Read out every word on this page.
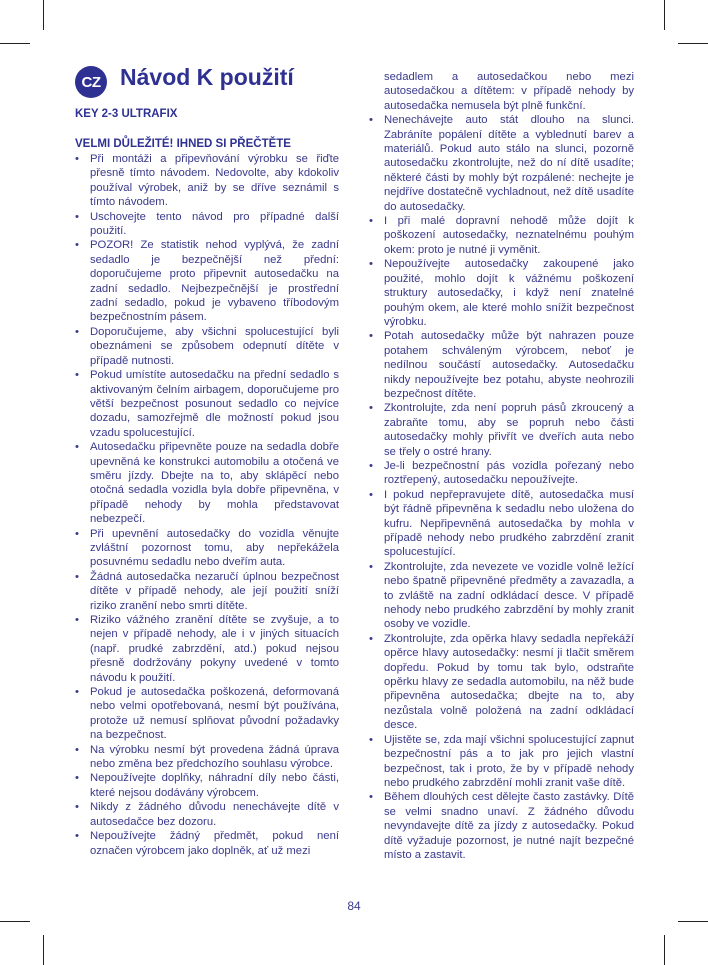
CZ Návod K použití
KEY 2-3 ULTRAFIX
VELMI DŮLEŽITÉ! IHNED SI PŘEČTĚTE
• Při montáži a připevňování výrobku se řiďte přesně tímto návodem. Nedovolte, aby kdokoliv používal výrobek, aniž by se dříve seznámil s tímto návodem.
• Uschovejte tento návod pro případné další použití.
• POZOR! Ze statistik nehod vyplývá, že zadní sedadlo je bezpečnější než přední: doporučujeme proto připevnit autosedačku na zadní sedadlo. Nejbezpečnější je prostřední zadní sedadlo, pokud je vybaveno tříbodovým bezpečnostním pásem.
• Doporučujeme, aby všichni spolucestující byli obeznámeni se způsobem odepnutí dítěte v případě nutnosti.
• Pokud umístíte autosedačku na přední sedadlo s aktivovaným čelním airbagem, doporučujeme pro větší bezpečnost posunout sedadlo co nejvíce dozadu, samozřejmě dle možností pokud jsou vzadu spolucestující.
• Autosedačku připevněte pouze na sedadla dobře upevněná ke konstrukci automobilu a otočená ve směru jízdy. Dbejte na to, aby sklápěcí nebo otočná sedadla vozidla byla dobře připevněna, v případě nehody by mohla představovat nebezpečí.
• Při upevnění autosedačky do vozidla věnujte zvláštní pozornost tomu, aby nepřekážela posuvnému sedadlu nebo dveřím auta.
• Žádná autosedačka nezaručí úplnou bezpečnost dítěte v případě nehody, ale její použití sníží riziko zranění nebo smrti dítěte.
• Riziko vážného zranění dítěte se zvyšuje, a to nejen v případě nehody, ale i v jiných situacích (např. prudké zabrzdění, atd.) pokud nejsou přesně dodržovány pokyny uvedené v tomto návodu k použití.
• Pokud je autosedačka poškozená, deformovaná nebo velmi opotřebovaná, nesmí být používána, protože už nemusí splňovat původní požadavky na bezpečnost.
• Na výrobku nesmí být provedena žádná úprava nebo změna bez předchozího souhlasu výrobce.
• Nepoužívejte doplňky, náhradní díly nebo části, které nejsou dodávány výrobcem.
• Nikdy z žádného důvodu nenechávejte dítě v autosedačce bez dozoru.
• Nepoužívejte žádný předmět, pokud není označen výrobcem jako doplněk, ať už mezi
sedadlem a autosedačkou nebo mezi autosedačkou a dítětem: v případě nehody by autosedačka nemusela být plně funkční.
• Nenechávejte auto stát dlouho na slunci. Zabráníte popálení dítěte a vyblednutí barev a materiálů. Pokud auto stálo na slunci, pozorně autosedačku zkontrolujte, než do ní dítě usadíte; některé části by mohly být rozpálené: nechejte je nejdříve dostatečně vychladnout, než dítě usadíte do autosedačky.
• I při malé dopravní nehodě může dojít k poškození autosedačky, neznatelnému pouhým okem: proto je nutné ji vyměnit.
• Nepoužívejte autosedačky zakoupené jako použité, mohlo dojít k vážnému poškození struktury autosedačky, i když není znatelné pouhým okem, ale které mohlo snížit bezpečnost výrobku.
• Potah autosedačky může být nahrazen pouze potahem schváleným výrobcem, neboť je nedílnou součástí autosedačky. Autosedačku nikdy nepoužívejte bez potahu, abyste neohrozili bezpečnost dítěte.
• Zkontrolujte, zda není popruh pásů zkroucený a zabraňte tomu, aby se popruh nebo části autosedačky mohly přivřít ve dveřích auta nebo se třely o ostré hrany.
• Je-li bezpečnostní pás vozidla pořezaný nebo roztřepený, autosedačku nepoužívejte.
• I pokud nepřepravujete dítě, autosedačka musí být řádně připevněna k sedadlu nebo uložena do kufru. Nepřipevněná autosedačka by mohla v případě nehody nebo prudkého zabrzdění zranit spolucestující.
• Zkontrolujte, zda nevezete ve vozidle volně ležící nebo špatně připevněné předměty a zavazadla, a to zvláště na zadní odkládací desce. V případě nehody nebo prudkého zabrzdění by mohly zranit osoby ve vozidle.
• Zkontrolujte, zda opěrka hlavy sedadla nepřekáží opěrce hlavy autosedačky: nesmí ji tlačit směrem dopředu. Pokud by tomu tak bylo, odstraňte opěrku hlavy ze sedadla automobilu, na něž bude připevněna autosedačka; dbejte na to, aby nezůstala volně položená na zadní odkládací desce.
• Ujistěte se, zda mají všichni spolucestující zapnut bezpečnostní pás a to jak pro jejich vlastní bezpečnost, tak i proto, že by v případě nehody nebo prudkého zabrzdění mohli zranit vaše dítě.
• Během dlouhých cest dělejte často zastávky. Dítě se velmi snadno unaví. Z žádného důvodu nevyndavejte dítě za jízdy z autosedačky. Pokud dítě vyžaduje pozornost, je nutné najít bezpečné místo a zastavit.
84
